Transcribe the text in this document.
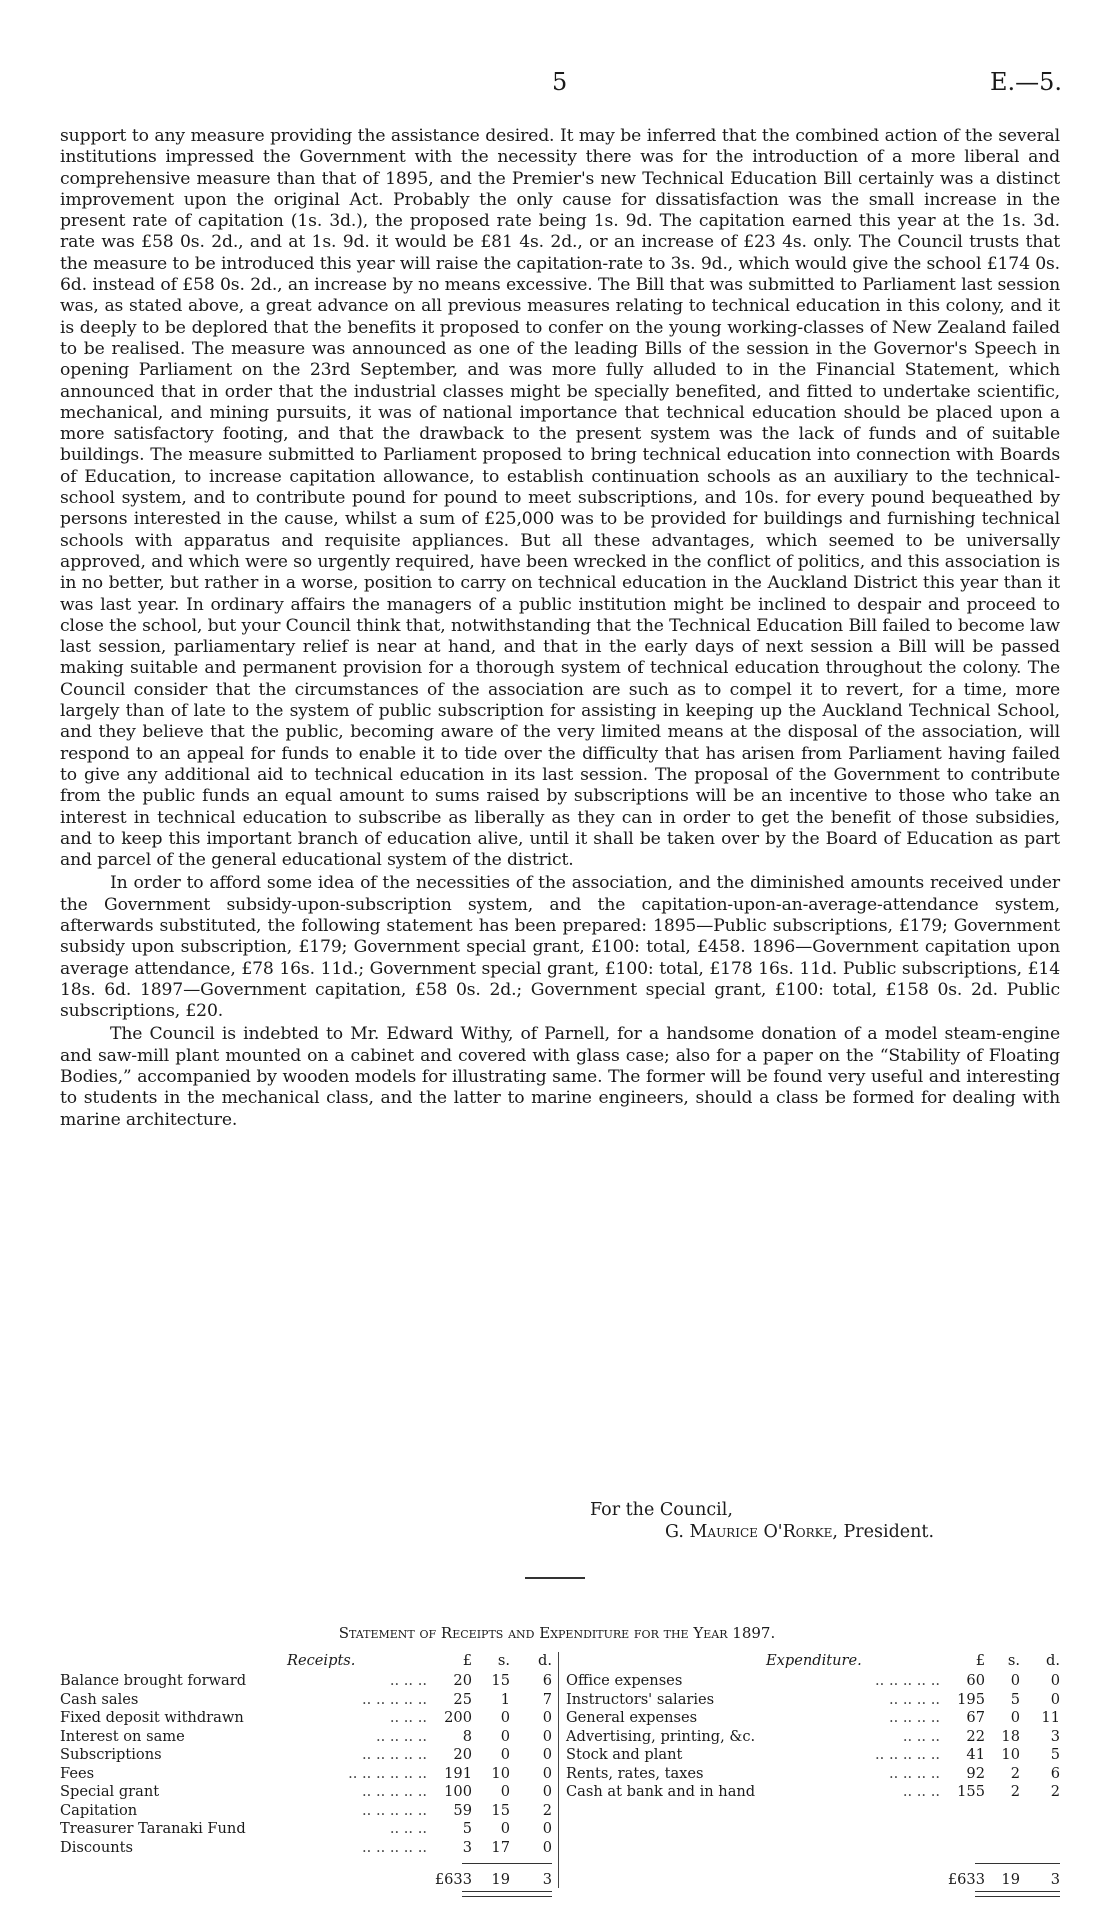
5	E.—5.

support to any measure providing the assistance desired. It may be inferred that the combined action of the several institutions impressed the Government with the necessity there was for the introduction of a more liberal and comprehensive measure than that of 1895, and the Premier's new Technical Education Bill certainly was a distinct improvement upon the original Act. Probably the only cause for dissatisfaction was the small increase in the present rate of capitation (1s. 3d.), the proposed rate being 1s. 9d. The capitation earned this year at the 1s. 3d. rate was £58 0s. 2d., and at 1s. 9d. it would be £81 4s. 2d., or an increase of £23 4s. only. The Council trusts that the measure to be introduced this year will raise the capitation-rate to 3s. 9d., which would give the school £174 0s. 6d. instead of £58 0s. 2d., an increase by no means excessive. The Bill that was submitted to Parliament last session was, as stated above, a great advance on all previous measures relating to technical education in this colony, and it is deeply to be deplored that the benefits it proposed to confer on the young working-classes of New Zealand failed to be realised. The measure was announced as one of the leading Bills of the session in the Governor's Speech in opening Parliament on the 23rd September, and was more fully alluded to in the Financial Statement, which announced that in order that the industrial classes might be specially benefited, and fitted to undertake scientific, mechanical, and mining pursuits, it was of national importance that technical education should be placed upon a more satisfactory footing, and that the drawback to the present system was the lack of funds and of suitable buildings. The measure submitted to Parliament proposed to bring technical education into connection with Boards of Education, to increase capitation allowance, to establish continuation schools as an auxiliary to the technical-school system, and to contribute pound for pound to meet subscriptions, and 10s. for every pound bequeathed by persons interested in the cause, whilst a sum of £25,000 was to be provided for buildings and furnishing technical schools with apparatus and requisite appliances. But all these advantages, which seemed to be universally approved, and which were so urgently required, have been wrecked in the conflict of politics, and this association is in no better, but rather in a worse, position to carry on technical education in the Auckland District this year than it was last year. In ordinary affairs the managers of a public institution might be inclined to despair and proceed to close the school, but your Council think that, notwithstanding that the Technical Education Bill failed to become law last session, parliamentary relief is near at hand, and that in the early days of next session a Bill will be passed making suitable and permanent provision for a thorough system of technical education throughout the colony. The Council consider that the circumstances of the association are such as to compel it to revert, for a time, more largely than of late to the system of public subscription for assisting in keeping up the Auckland Technical School, and they believe that the public, becoming aware of the very limited means at the disposal of the association, will respond to an appeal for funds to enable it to tide over the difficulty that has arisen from Parliament having failed to give any additional aid to technical education in its last session. The proposal of the Government to contribute from the public funds an equal amount to sums raised by subscriptions will be an incentive to those who take an interest in technical education to subscribe as liberally as they can in order to get the benefit of those subsidies, and to keep this important branch of education alive, until it shall be taken over by the Board of Education as part and parcel of the general educational system of the district.

In order to afford some idea of the necessities of the association, and the diminished amounts received under the Government subsidy-upon-subscription system, and the capitation-upon-an-average-attendance system, afterwards substituted, the following statement has been prepared: 1895—Public subscriptions, £179; Government subsidy upon subscription, £179; Government special grant, £100: total, £458. 1896—Government capitation upon average attendance, £78 16s. 11d.; Government special grant, £100: total, £178 16s. 11d. Public subscriptions, £14 18s. 6d. 1897—Government capitation, £58 0s. 2d.; Government special grant, £100: total, £158 0s. 2d. Public subscriptions, £20.

The Council is indebted to Mr. Edward Withy, of Parnell, for a handsome donation of a model steam-engine and saw-mill plant mounted on a cabinet and covered with glass case; also for a paper on the “Stability of Floating Bodies,” accompanied by wooden models for illustrating same. The former will be found very useful and interesting to students in the mechanical class, and the latter to marine engineers, should a class be formed for dealing with marine architecture.

For the Council,
G. Maurice O'Rorke, President.
Statement of Receipts and Expenditure for the Year 1897.
Receipts.	£	s.	d.
Balance brought forward	.. .. ..	20	15	6
Cash sales	.. .. .. .. ..	25	1	7
Fixed deposit withdrawn	.. .. ..	200	0	0
Interest on same	.. .. .. ..	8	0	0
Subscriptions	.. .. .. .. ..	20	0	0
Fees	.. .. .. .. .. ..	191	10	0
Special grant	.. .. .. .. ..	100	0	0
Capitation	.. .. .. .. ..	59	15	2
Treasurer Taranaki Fund	.. .. ..	5	0	0
Discounts	.. .. .. .. ..	3	17	0
£633	19	3
Expenditure.	£	s.	d.
Office expenses	.. .. .. .. ..	60	0	0
Instructors' salaries	.. .. .. ..	195	5	0
General expenses	.. .. .. ..	67	0	11
Advertising, printing, &c.	.. .. ..	22	18	3
Stock and plant	.. .. .. .. ..	41	10	5
Rents, rates, taxes	.. .. .. ..	92	2	6
Cash at bank and in hand	.. .. ..	155	2	2
£633	19	3
